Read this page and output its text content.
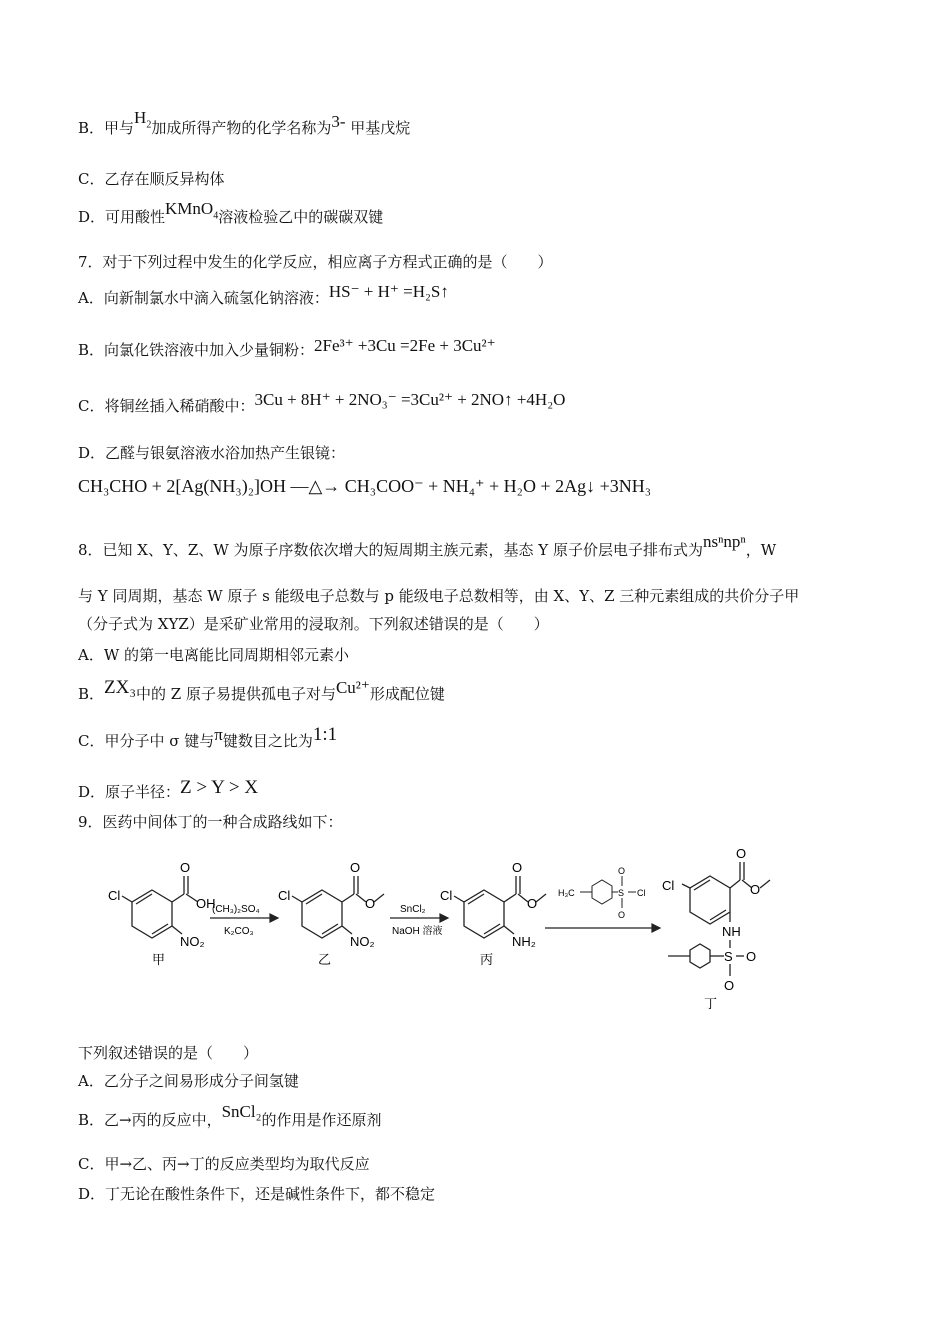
B．甲与$H_2$加成所得产物的化学名称为3- 甲基戊烷
C．乙存在顺反异构体
D．可用酸性KMnO$_4$溶液检验乙中的碳碳双键
7．对于下列过程中发生的化学反应，相应离子方程式正确的是（　　）
A．向新制氯水中滴入硫氢化钠溶液：HS⁻ + H⁺ =H₂S↑
B．向氯化铁溶液中加入少量铜粉：2Fe³⁺ +3Cu =2Fe + 3Cu²⁺
C．将铜丝插入稀硝酸中：3Cu + 8H⁺ + 2NO₃⁻ =3Cu²⁺ + 2NO↑ +4H₂O
D．乙醛与银氨溶液水浴加热产生银镜：
CH₃CHO + 2[Ag(NH₃)₂]OH ―△→ CH₃COO⁻ + NH₄⁺ + H₂O + 2Ag↓ +3NH₃
8．已知 X、Y、Z、W 为原子序数依次增大的短周期主族元素，基态 Y 原子价层电子排布式为nsⁿnpⁿ，W
与 Y 同周期，基态 W 原子 s 能级电子总数与 p 能级电子总数相等，由 X、Y、Z 三种元素组成的共价分子甲
（分子式为 XYZ）是采矿业常用的浸取剂。下列叙述错误的是（　　）
A．W 的第一电离能比同周期相邻元素小
B．ZX₃中的 Z 原子易提供孤电子对与Cu²⁺形成配位键
C．甲分子中 σ 键与π键数目之比为1:1
D．原子半径：Z > Y > X
9．医药中间体丁的一种合成路线如下：
Cl
O
OH
NO₂
甲
(CH₃)₂SO₄
K₂CO₃
Cl
O
O
NO₂
乙
SnCl₂
NaOH 溶液
Cl
O
O
NH₂
丙
H₃C	S
O
O
Cl Cl
O
O
NH
S O
O
丁
下列叙述错误的是（　　）
A．乙分子之间易形成分子间氢键
B．乙→丙的反应中，SnCl₂的作用是作还原剂
C．甲→乙、丙→丁的反应类型均为取代反应
D．丁无论在酸性条件下，还是碱性条件下，都不稳定
